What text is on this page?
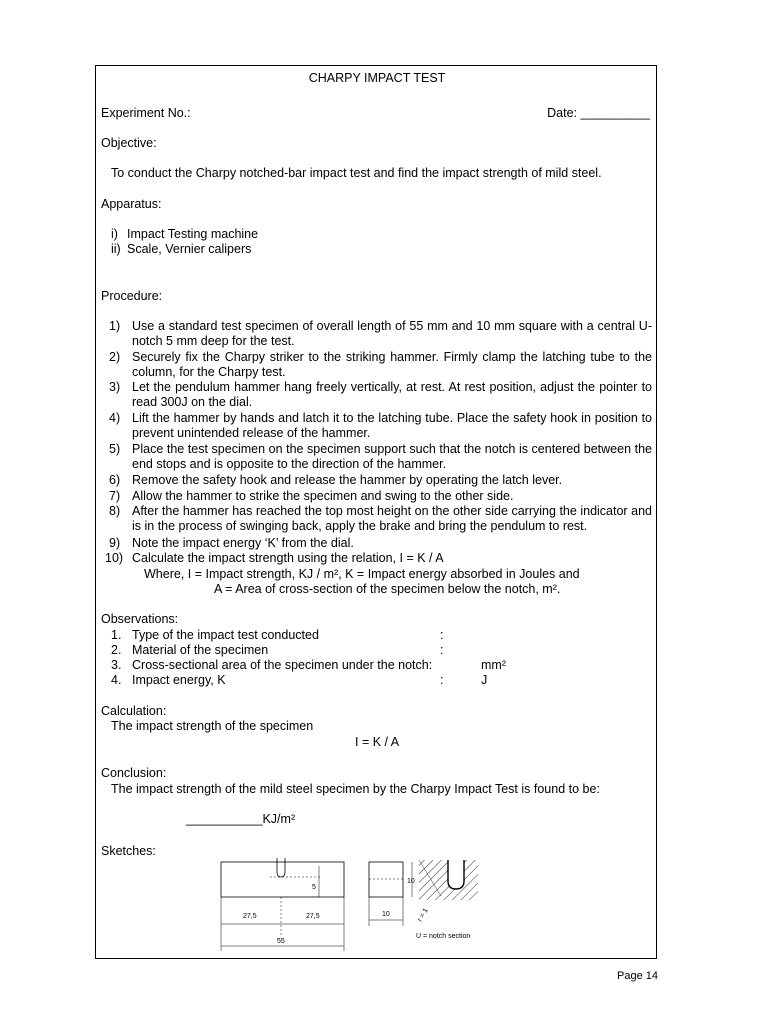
CHARPY IMPACT TEST
Experiment No.:	Date: __________
Objective:
To conduct the Charpy notched-bar impact test and find the impact strength of mild steel.
Apparatus:
i) Impact Testing machine
ii) Scale, Vernier calipers
Procedure:
1) Use a standard test specimen of overall length of 55 mm and 10 mm square with a central U-notch 5 mm deep for the test.
2) Securely fix the Charpy striker to the striking hammer. Firmly clamp the latching tube to the column, for the Charpy test.
3) Let the pendulum hammer hang freely vertically, at rest. At rest position, adjust the pointer to read 300J on the dial.
4) Lift the hammer by hands and latch it to the latching tube. Place the safety hook in position to prevent unintended release of the hammer.
5) Place the test specimen on the specimen support such that the notch is centered between the end stops and is opposite to the direction of the hammer.
6) Remove the safety hook and release the hammer by operating the latch lever.
7) Allow the hammer to strike the specimen and swing to the other side.
8) After the hammer has reached the top most height on the other side carrying the indicator and is in the process of swinging back, apply the brake and bring the pendulum to rest.
9) Note the impact energy ‘K’ from the dial.
10) Calculate the impact strength using the relation, I = K / A
Where, I = Impact strength, KJ / m², K = Impact energy absorbed in Joules and
A = Area of cross-section of the specimen below the notch, m².
Observations:
1. Type of the impact test conducted	:
2. Material of the specimen	:
3. Cross-sectional area of the specimen under the notch:	mm²
4. Impact energy, K	:	J
Calculation:
The impact strength of the specimen
I = K / A
Conclusion:
The impact strength of the mild steel specimen by the Charpy Impact Test is found to be:
___________KJ/m²
Sketches:
5
27,5	27,5
55
10
10	r = 1
U = notch section
Page 14
